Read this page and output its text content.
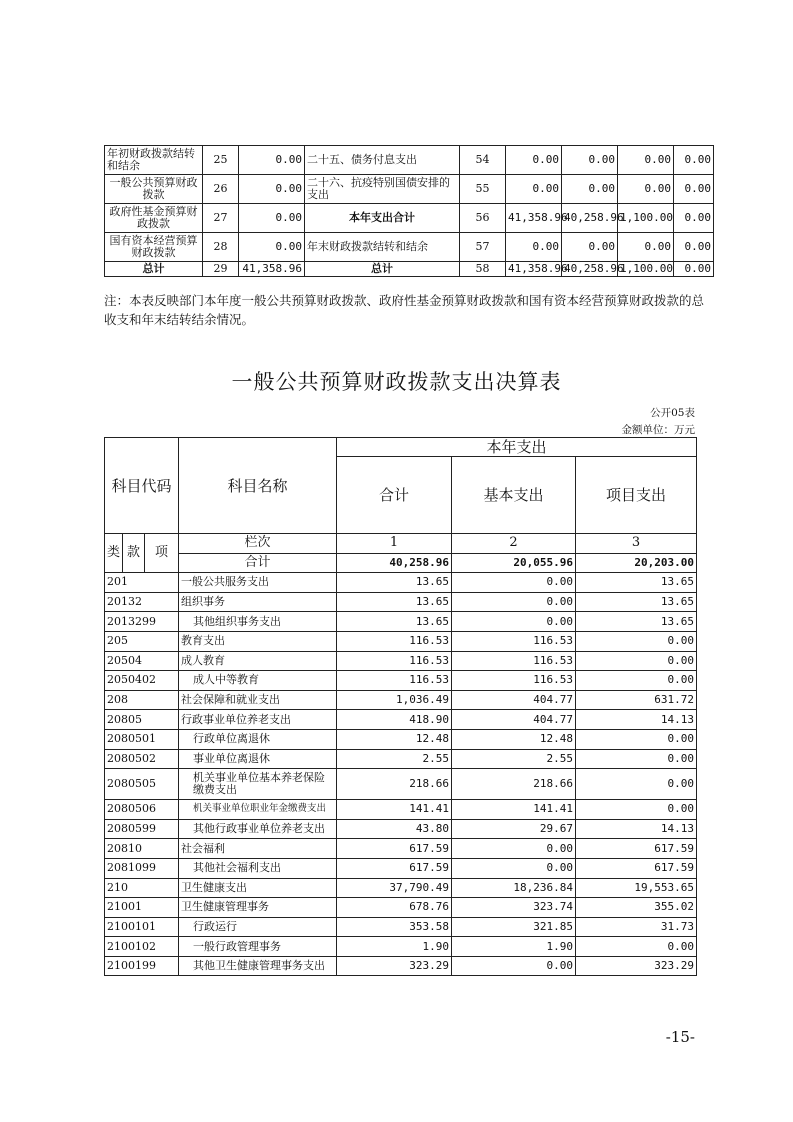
年初财政拨款结转和结余	25	0.00	二十五、债务付息支出	54	0.00	0.00	0.00	0.00
一般公共预算财政拨款	26	0.00	二十六、抗疫特别国债安排的支出	55	0.00	0.00	0.00	0.00
政府性基金预算财政拨款	27	0.00	本年支出合计	56	41,358.96	40,258.96	1,100.00	0.00
国有资本经营预算财政拨款	28	0.00	年末财政拨款结转和结余	57	0.00	0.00	0.00	0.00
总计	29	41,358.96	总计	58	41,358.96	40,258.96	1,100.00	0.00
注：本表反映部门本年度一般公共预算财政拨款、政府性基金预算财政拨款和国有资本经营预算财政拨款的总收支和年末结转结余情况。
一般公共预算财政拨款支出决算表
公开05表
金额单位：万元
科目代码			科目名称	本年支出		
				合计	基本支出	项目支出

类	款	项	栏次	1	2	3
			合计	40,258.96	20,055.96	20,203.00
201			一般公共服务支出	13.65	0.00	13.65
20132			组织事务	13.65	0.00	13.65
2013299			其他组织事务支出	13.65	0.00	13.65
205			教育支出	116.53	116.53	0.00
20504			成人教育	116.53	116.53	0.00
2050402			成人中等教育	116.53	116.53	0.00
208			社会保障和就业支出	1,036.49	404.77	631.72
20805			行政事业单位养老支出	418.90	404.77	14.13
2080501			行政单位离退休	12.48	12.48	0.00
2080502			事业单位离退休	2.55	2.55	0.00
2080505			机关事业单位基本养老保险缴费支出	218.66	218.66	0.00
2080506			机关事业单位职业年金缴费支出	141.41	141.41	0.00
2080599			其他行政事业单位养老支出	43.80	29.67	14.13
20810			社会福利	617.59	0.00	617.59
2081099			其他社会福利支出	617.59	0.00	617.59
210			卫生健康支出	37,790.49	18,236.84	19,553.65
21001			卫生健康管理事务	678.76	323.74	355.02
2100101			行政运行	353.58	321.85	31.73
2100102			一般行政管理事务	1.90	1.90	0.00
2100199			其他卫生健康管理事务支出	323.29	0.00	323.29
-15-
